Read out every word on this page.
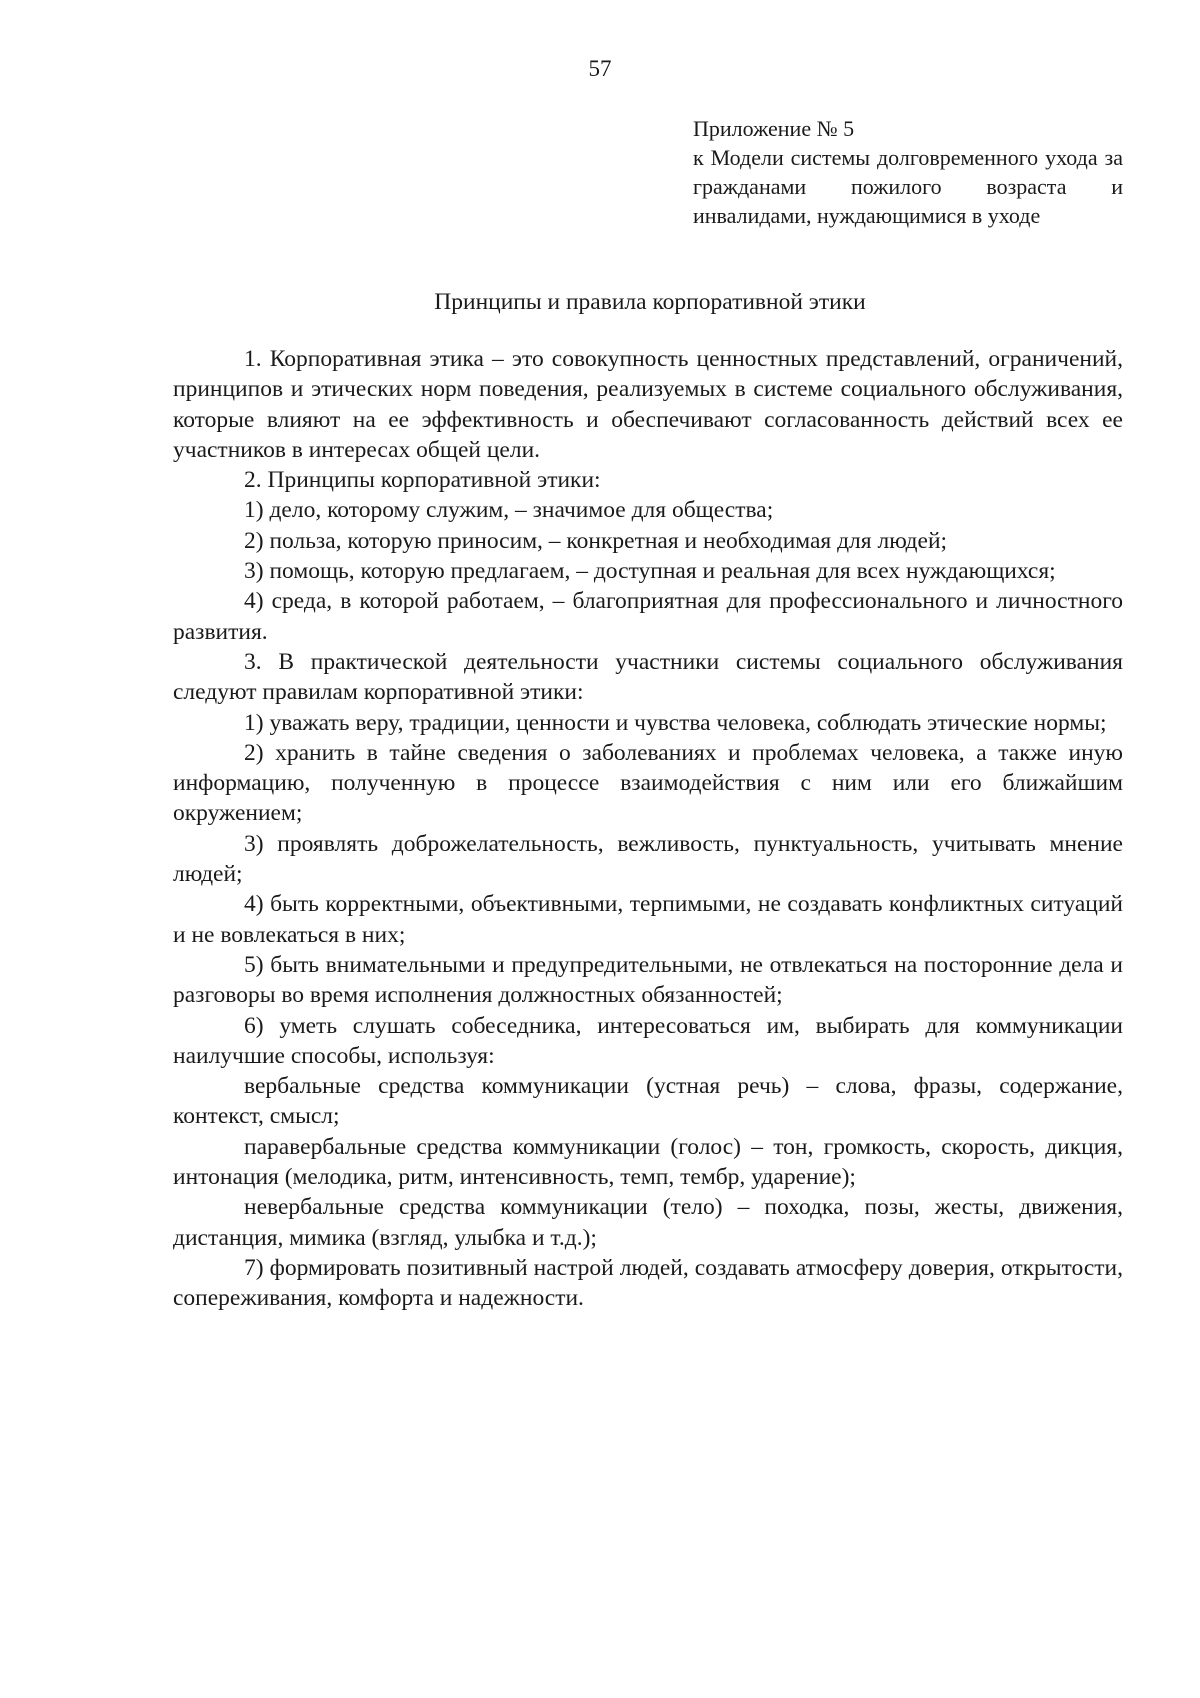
57
Приложение № 5
к Модели системы долговременного ухода за гражданами пожилого возраста и инвалидами, нуждающимися в уходе
Принципы и правила корпоративной этики

1. Корпоративная этика – это совокупность ценностных представлений, ограничений, принципов и этических норм поведения, реализуемых в системе социального обслуживания, которые влияют на ее эффективность и обеспечивают согласованность действий всех ее участников в интересах общей цели.

2. Принципы корпоративной этики:

1) дело, которому служим, – значимое для общества;

2) польза, которую приносим, – конкретная и необходимая для людей;

3) помощь, которую предлагаем, – доступная и реальная для всех нуждающихся;

4) среда, в которой работаем, – благоприятная для профессионального и личностного развития.

3. В практической деятельности участники системы социального обслуживания следуют правилам корпоративной этики:

1) уважать веру, традиции, ценности и чувства человека, соблюдать этические нормы;

2) хранить в тайне сведения о заболеваниях и проблемах человека, а также иную информацию, полученную в процессе взаимодействия с ним или его ближайшим окружением;

3) проявлять доброжелательность, вежливость, пунктуальность, учитывать мнение людей;

4) быть корректными, объективными, терпимыми, не создавать конфликтных ситуаций и не вовлекаться в них;

5) быть внимательными и предупредительными, не отвлекаться на посторонние дела и разговоры во время исполнения должностных обязанностей;

6) уметь слушать собеседника, интересоваться им, выбирать для коммуникации наилучшие способы, используя:

вербальные средства коммуникации (устная речь) – слова, фразы, содержание, контекст, смысл;

паравербальные средства коммуникации (голос) – тон, громкость, скорость, дикция, интонация (мелодика, ритм, интенсивность, темп, тембр, ударение);

невербальные средства коммуникации (тело) – походка, позы, жесты, движения, дистанция, мимика (взгляд, улыбка и т.д.);

7) формировать позитивный настрой людей, создавать атмосферу доверия, открытости, сопереживания, комфорта и надежности.
